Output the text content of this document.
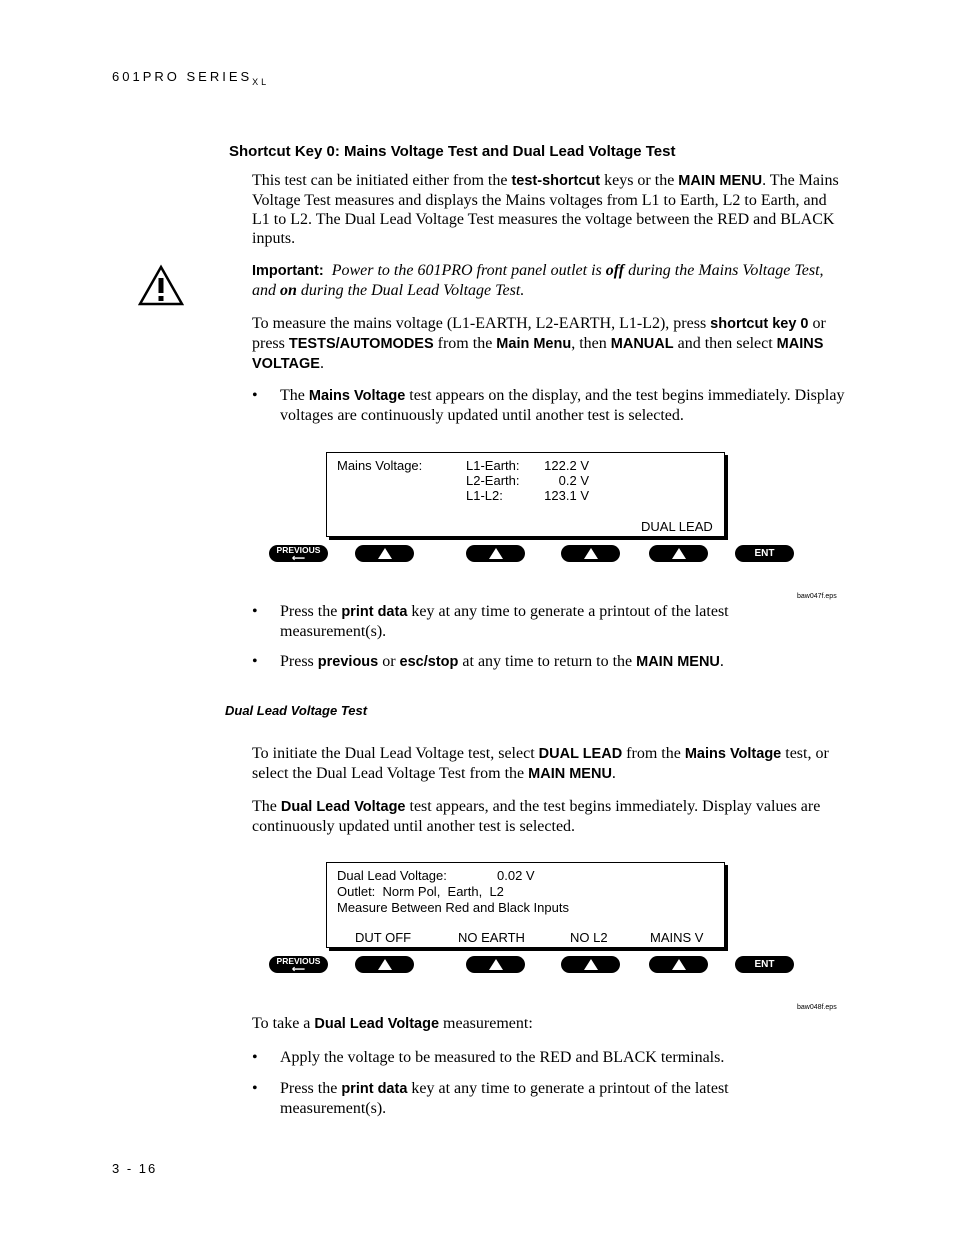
601PRO $SERIES_{XL}$
Shortcut Key 0: Mains Voltage Test and Dual Lead Voltage Test
This test can be initiated either from the test-shortcut keys or the MAIN MENU. The Mains Voltage Test measures and displays the Mains voltages from L1 to Earth, L2 to Earth, and L1 to L2. The Dual Lead Voltage Test measures the voltage between the RED and BLACK inputs.
Important: Power to the 601PRO front panel outlet is off during the Mains Voltage Test, and on during the Dual Lead Voltage Test.
To measure the mains voltage (L1-EARTH, L2-EARTH, L1-L2), press shortcut key 0 or press TESTS/AUTOMODES from the Main Menu, then MANUAL and then select MAINS VOLTAGE.
• The Mains Voltage test appears on the display, and the test begins immediately. Display voltages are continuously updated until another test is selected.
Mains Voltage:	L1-Earth:	122.2 V
L2-Earth:	0.2 V
L1-L2:	123.1 V
DUAL LEAD
PREVIOUS
⟵	ENT
baw047f.eps
• Press the print data key at any time to generate a printout of the latest measurement(s).
• Press previous or esc/stop at any time to return to the MAIN MENU.
Dual Lead Voltage Test
To initiate the Dual Lead Voltage test, select DUAL LEAD from the Mains Voltage test, or select the Dual Lead Voltage Test from the MAIN MENU.
The Dual Lead Voltage test appears, and the test begins immediately. Display values are continuously updated until another test is selected.
Dual Lead Voltage:	0.02 V
Outlet:  Norm Pol,  Earth,  L2
Measure Between Red and Black Inputs
DUT OFF	NO EARTH	NO L2	MAINS V
PREVIOUS
⟵	ENT
baw048f.eps
To take a Dual Lead Voltage measurement:
• Apply the voltage to be measured to the RED and BLACK terminals.
• Press the print data key at any time to generate a printout of the latest measurement(s).
3 - 16
